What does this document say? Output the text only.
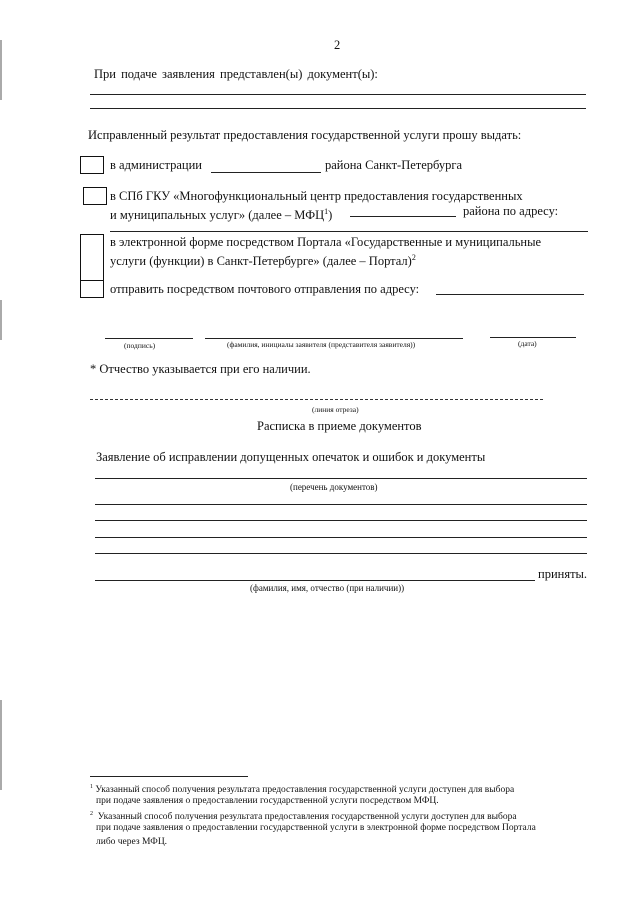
2
При подаче заявления представлен(ы) документ(ы):
Исправленный результат предоставления государственной услуги прошу выдать:
в администрации	района Санкт-Петербурга
в СПб ГКУ «Многофункциональный центр предоставления государственных
и муниципальных услуг» (далее – МФЦ$^1$)	района по адресу:
в электронной форме посредством Портала «Государственные и муниципальные
услуги (функции) в Санкт-Петербурге» (далее – Портал)$^2$
отправить посредством почтового отправления по адресу:
(подпись)	(фамилия, инициалы заявителя (представителя заявителя))	(дата)
* Отчество указывается при его наличии.
(линия отреза)
Расписка в приеме документов
Заявление об исправлении допущенных опечаток и ошибок и документы
(перечень документов)
приняты.
(фамилия, имя, отчество (при наличии))
$^1$ Указанный способ получения результата предоставления государственной услуги доступен для выбора
при подаче заявления о предоставлении государственной услуги посредством МФЦ.
$^2$ Указанный способ получения результата предоставления государственной услуги доступен для выбора
при подаче заявления о предоставлении государственной услуги в электронной форме посредством Портала
либо через МФЦ.
